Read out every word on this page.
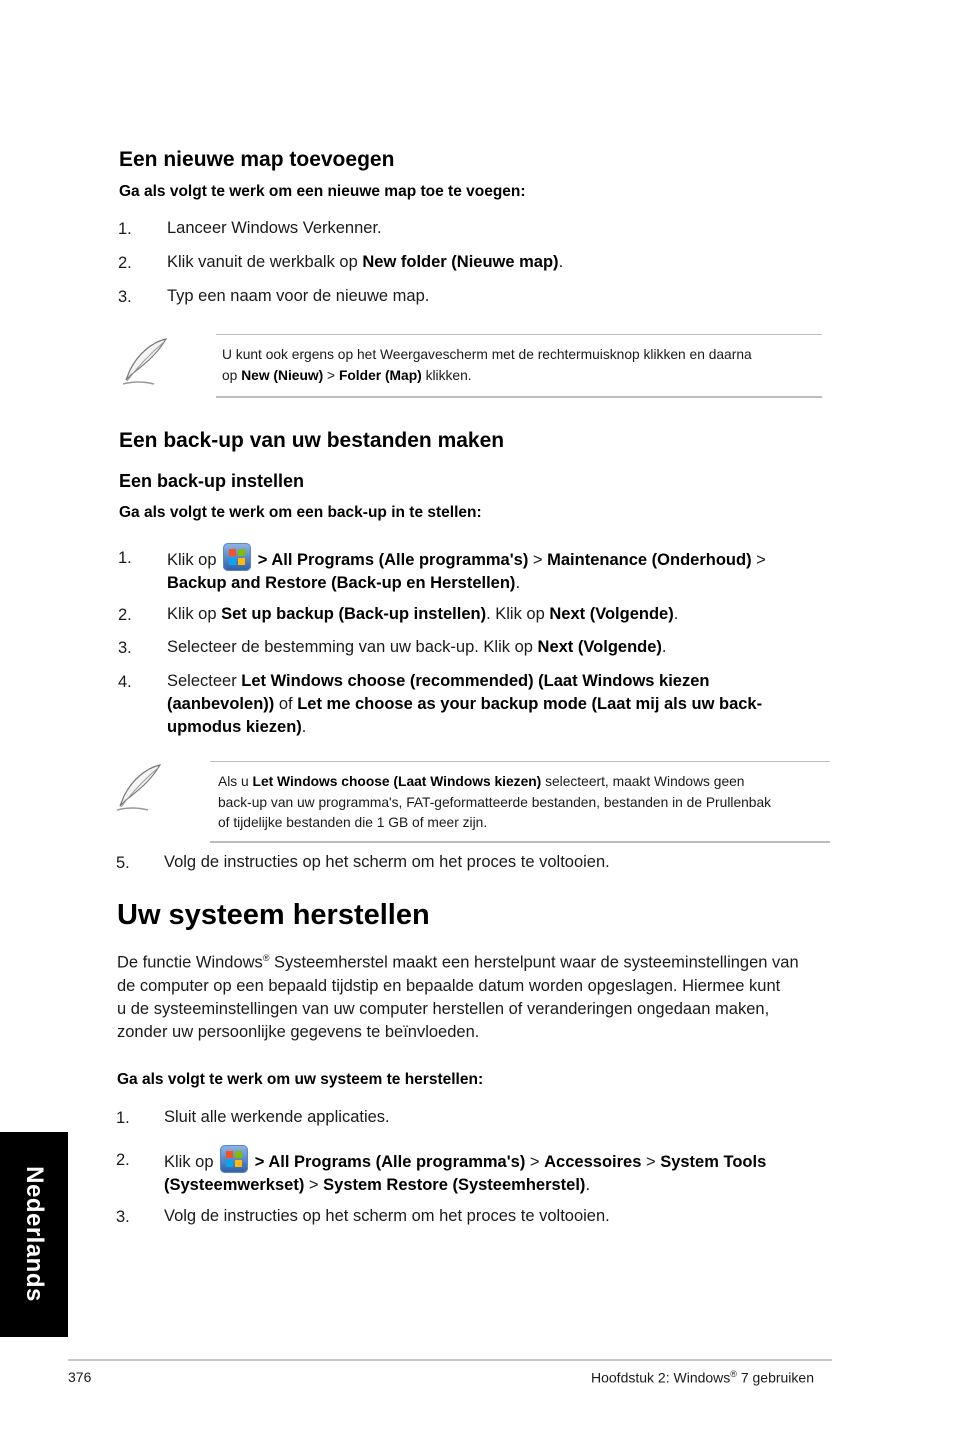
Een nieuwe map toevoegen
Ga als volgt te werk om een nieuwe map toe te voegen:
1. Lanceer Windows Verkenner.
2. Klik vanuit de werkbalk op New folder (Nieuwe map).
3. Typ een naam voor de nieuwe map.
U kunt ook ergens op het Weergavescherm met de rechtermuisknop klikken en daarna
op New (Nieuw) > Folder (Map) klikken.
Een back-up van uw bestanden maken
Een back-up instellen
Ga als volgt te werk om een back-up in te stellen:
1. Klik op
> All Programs (Alle programma's) > Maintenance (Onderhoud) >
Backup and Restore (Back-up en Herstellen).
2. Klik op Set up backup (Back-up instellen). Klik op Next (Volgende).
3. Selecteer de bestemming van uw back-up. Klik op Next (Volgende).
4. Selecteer Let Windows choose (recommended) (Laat Windows kiezen
(aanbevolen)) of Let me choose as your backup mode (Laat mij als uw back-
upmodus kiezen).
Als u Let Windows choose (Laat Windows kiezen) selecteert, maakt Windows geen
back-up van uw programma's, FAT-geformatteerde bestanden, bestanden in de Prullenbak
of tijdelijke bestanden die 1 GB of meer zijn.
5. Volg de instructies op het scherm om het proces te voltooien.
Uw systeem herstellen
De functie Windows® Systeemherstel maakt een herstelpunt waar de systeeminstellingen van
de computer op een bepaald tijdstip en bepaalde datum worden opgeslagen. Hiermee kunt
u de systeeminstellingen van uw computer herstellen of veranderingen ongedaan maken,
zonder uw persoonlijke gegevens te beïnvloeden.
Ga als volgt te werk om uw systeem te herstellen:
1. Sluit alle werkende applicaties.
2. Klik op
> All Programs (Alle programma's) > Accessoires > System Tools
(Systeemwerkset) > System Restore (Systeemherstel).
3. Volg de instructies op het scherm om het proces te voltooien.
Nederlands
376	Hoofdstuk 2: Windows® 7 gebruiken
